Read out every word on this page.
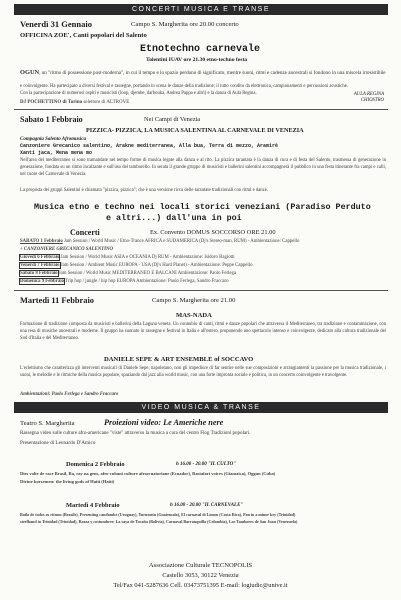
CONCERTI MUSICA E TRANSE
Venerdì 31 Gennaio	Campo S. Margherita ore 20.00 concerto
OFFICINA ZOE', Canti popolari del Salento
Etnotechno carnevale
Tolentini IUAV ore 21.30 etno-techno festa
OGUN, un "ritmo di possessione post-moderna", in cui il tempo e lo spazio perdono di significato, mentre suoni, ritmi e cadenze ancestrali si fondono in una miscela irresistibile
e coinvolgente. Ha partecipato a diversi festival e rassegne, portando in scena le danze della tradizione; il tutto condito da elettronica, campionamenti e percussioni acustiche. Con la partecipazione di numerosi ospiti e musicisti (loop, djembe, darbouka, Andrea Pappa e altri) e la danza di Aula Regina.	AULA REGINA CHIOSTRO
DJ POCHETTINO di Torino selettore di ALTROVE
Sabato 1 Febbraio	Nei Campi di Venezia
PIZZICA- PIZZICA, LA MUSICA SALENTINA AL CARNEVALE DI VENEZIA
Compagnia Salento Afromusica
Canzoniere Grecanico salentino, Arakne mediterranea, Alla bua, Terra di mezzo, Aramirè
Xanti jaca, Mena mena mo
Nell'area del mediterraneo si sono tramandate nel tempo forme di musica legate alla danza e al rito. La pizzica tarantata è la danza di cura e di festa del Salento, trasmessa di generazione in generazione, fondata su un ritmo incalzante e sull'uso del tamburello. In serata il grande gruppo di musicisti e ballerini salentini accompagnerà il pubblico in una festa itinerante fra campi e calli, nel cuore del Carnevale di Venezia.
La proposta dei gruppi Salentini è chiamata "pizzica, pizzica"; che è una versione ricca delle tarantate tradizionali con ritmi e danze.
Musica etno e techno nei locali storici veneziani (Paradiso Perduto
e altri...) dall'una in poi
Concerti	Ex. Convento DOMUS SOCCORSO ORE 21.00
SABATO 1 Febbraio Jam Session / World Music / Etno-Trance AFRICA e SUDAMERICA (Dj's Stereo-man, RUM) - Ambientazione: Cappello
+ CANZONIERE GRECANICO SALENTINO
Giovedì 6 Febbraio Jam Session / World Music ASIA e OCEANIA Dj RUM - Ambientazione: Isidoro Bagiotti
Venerdì 7 Febbraio Jam Session / Ambient Music EUROPA - USA (Dj's Hard Planet) - Ambientazione: Peppe Cappello
Sabato 8 Febbraio Jam Session / World Music MEDITERRANEO E BALCANI Ambientazione: Paolo Ferlega
Domenica 9 Febbraio Trip hop / jungle / hip hop EUROPA Ambientazione: Paolo Ferlega, Sandro Fraccaro
Martedì 11 Febbraio	Campo S. Margherita ore 21.00
MAS-NADA
Formazione di tradizione composta da musicisti e ballerini della Laguna veneta. Un connubio di canti, ritmi e danze popolari che attraversa il Mediterraneo, tra tradizione e contaminazione, con una resa di musiche ancestrali e moderne. Il gruppo ha suonato in rassegne e festival in Italia e all'estero, proponendo uno spettacolo intenso e coinvolgente, dedicato alla cultura tradizionale del Sud d'Italia e del Mediterraneo.
DANIELE SEPE & ART ENSEMBLE of SOCCAVO
L'eclettismo che caratterizza gli interventi musicali di Daniele Sepe, napoletano, non gli impedisce di far sentire nelle sue composizioni e arrangiamenti la passione per la musica tradizionale, i suoni, le melodie e le ritmiche della musica popolare, spaziando dal jazz alla world music, con una forte impronta sociale e politica, in un concerto coinvolgente e travolgente.
Ambientazioni: Paolo Ferlega e Sandro Fraccaro
VIDEO MUSICA & TRANSE
Teatro S. Margherita	Proiezioni video: Le Americhe nere
Rassegna video sulle culture afro-americane "viste" attraverso la musica a cura del centro Flog Tradizioni popolari.
Presentazione di Leonardo D'Amico
Domenica 2 Febbraio	h 16.00 - 20.00 "IL CULTO"
Dies volte de race Brasil, Ra, ray na gens, afro-cubani culture afroecuatoriane (Ecuador), Rastafari voices (Giamaica), Oggun (Cuba)
Divine horsemen: the living gods of Haiti (Haiti)
Martedì 4 Febbraio	h 16.00 - 20.00 "IL CARNEVALE"
Baila de todos os ritmos (Brasile), Presenting candombe (Uruguay), Yurumein (Guatemala), El carnaval di Limon (Costa Rica), Pan in a minor key (Trinidad)
steelband in Trinidad (Trinidad), Razza y costumbres: La saya de Tocaña (Bolivia), Carnaval Barranquilla (Colombia), Los Tambores de San Juan (Venezuela)
Associazione Culturale TECNOPOLIS
Castello 3053, 30122 Venezia
Tel/Fax 041-5287636 Cell. 03473751395 E-mail: logiudic@unive.it
